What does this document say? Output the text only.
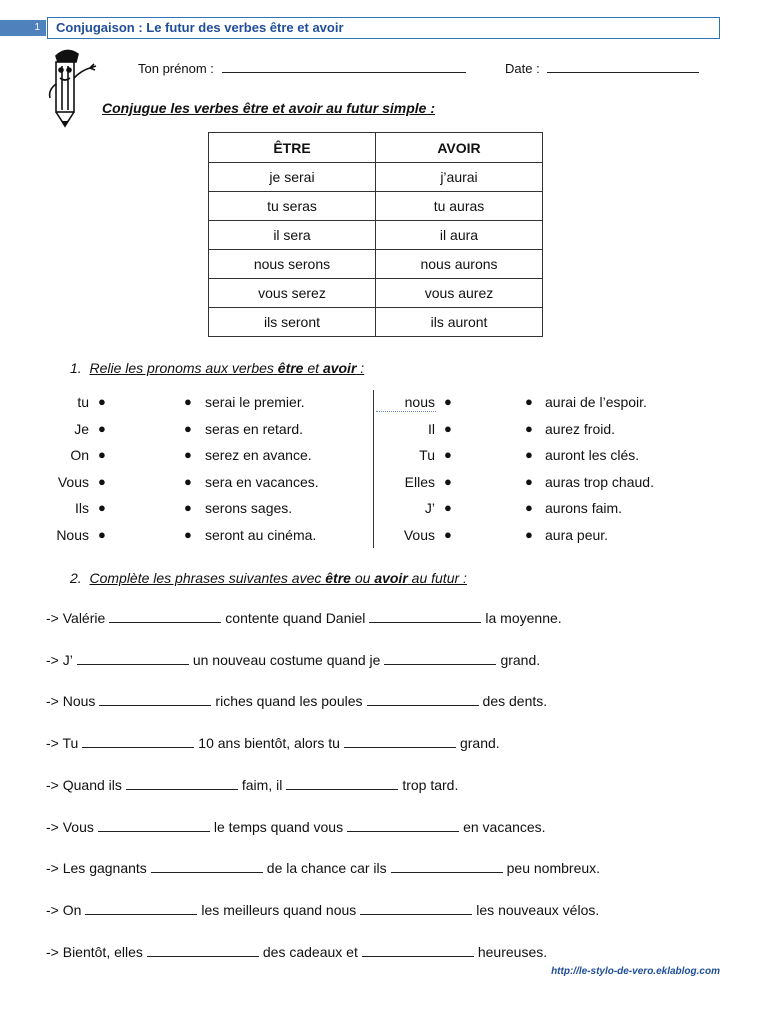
1	Conjugaison : Le futur des verbes être et avoir
Ton prénom :	Date :
Conjugue les verbes être et avoir au futur simple :
ÊTRE	AVOIR
je serai	j’aurai
tu seras	tu auras
il sera	il aura
nous serons	nous aurons
vous serez	vous aurez
ils seront	ils auront
1. Relie les pronoms aux verbes être et avoir :
tu ●	● serai le premier.	nous ●	● aurai de l’espoir.
Je ●	● seras en retard.	Il ●	● aurez froid.
On ●	● serez en avance.	Tu ●	● auront les clés.
Vous ●	● sera en vacances.	Elles ●	● auras trop chaud.
Ils ●	● serons sages.	J’ ●	● aurons faim.
Nous ●	● seront au cinéma.	Vous ●	● aura peur.
2. Complète les phrases suivantes avec être ou avoir au futur :
-> Valérie	contente quand Daniel	la moyenne.
-> J’	un nouveau costume quand je	grand.
-> Nous	riches quand les poules	des dents.
-> Tu	10 ans bientôt, alors tu	grand.
-> Quand ils	faim, il	trop tard.
-> Vous	le temps quand vous	en vacances.
-> Les gagnants	de la chance car ils	peu nombreux.
-> On	les meilleurs quand nous	les nouveaux vélos.
-> Bientôt, elles	des cadeaux et	heureuses.
http://le-stylo-de-vero.eklablog.com
